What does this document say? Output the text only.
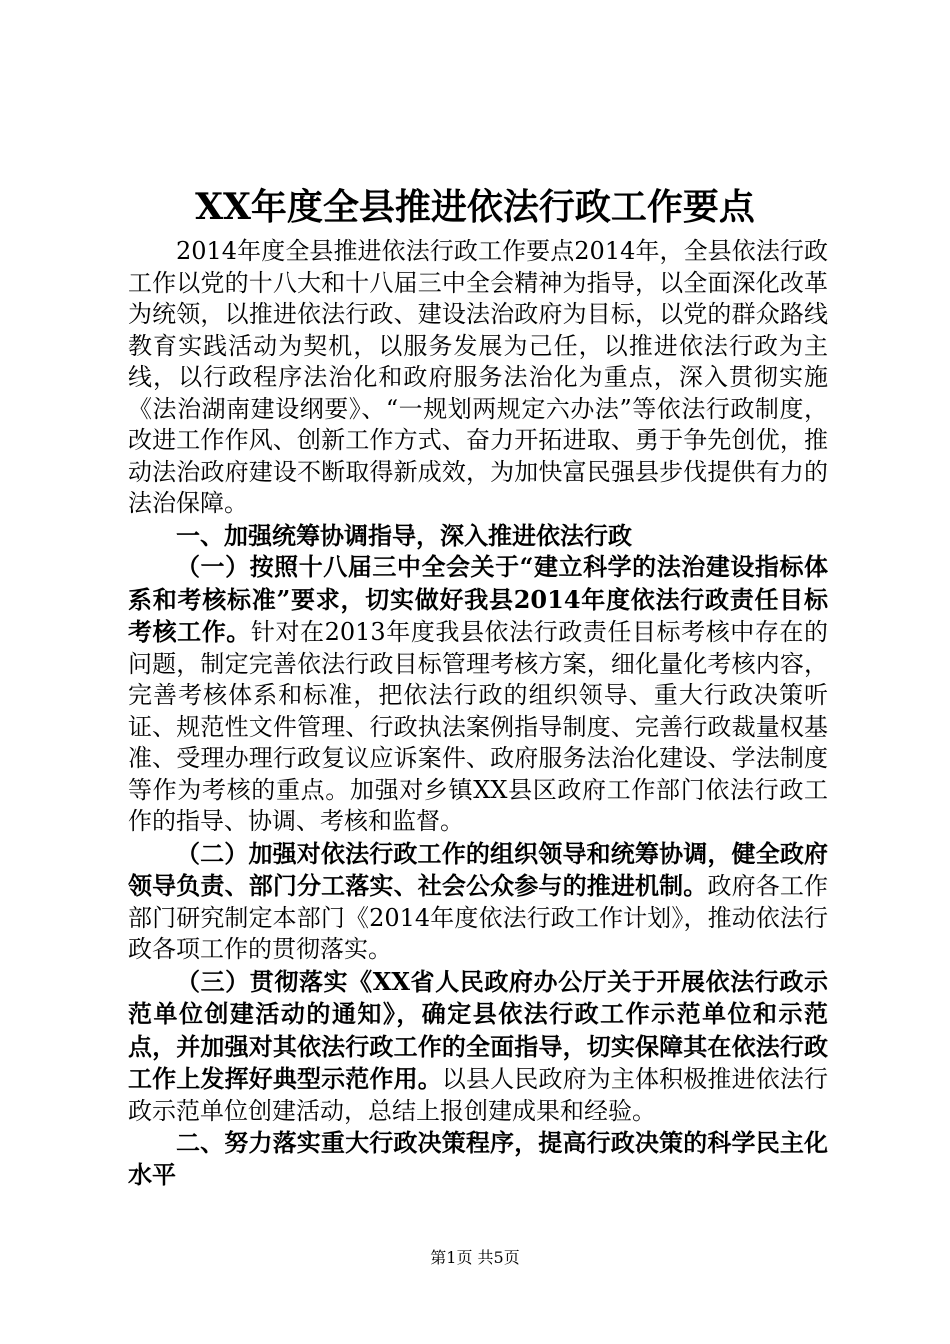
XX年度全县推进依法行政工作要点

2014年度全县推进依法行政工作要点2014年，全县依法行政工作以党的十八大和十八届三中全会精神为指导，以全面深化改革为统领，以推进依法行政、建设法治政府为目标，以党的群众路线教育实践活动为契机，以服务发展为己任，以推进依法行政为主线，以行政程序法治化和政府服务法治化为重点，深入贯彻实施《法治湖南建设纲要》、“一规划两规定六办法”等依法行政制度，改进工作作风、创新工作方式、奋力开拓进取、勇于争先创优，推动法治政府建设不断取得新成效，为加快富民强县步伐提供有力的法治保障。

一、加强统筹协调指导，深入推进依法行政

（一）按照十八届三中全会关于“建立科学的法治建设指标体系和考核标准”要求，切实做好我县2014年度依法行政责任目标考核工作。针对在2013年度我县依法行政责任目标考核中存在的问题，制定完善依法行政目标管理考核方案，细化量化考核内容，完善考核体系和标准，把依法行政的组织领导、重大行政决策听证、规范性文件管理、行政执法案例指导制度、完善行政裁量权基准、受理办理行政复议应诉案件、政府服务法治化建设、学法制度等作为考核的重点。加强对乡镇XX县区政府工作部门依法行政工作的指导、协调、考核和监督。

（二）加强对依法行政工作的组织领导和统筹协调，健全政府领导负责、部门分工落实、社会公众参与的推进机制。政府各工作部门研究制定本部门《2014年度依法行政工作计划》，推动依法行政各项工作的贯彻落实。

（三）贯彻落实《XX省人民政府办公厅关于开展依法行政示范单位创建活动的通知》，确定县依法行政工作示范单位和示范点，并加强对其依法行政工作的全面指导，切实保障其在依法行政工作上发挥好典型示范作用。以县人民政府为主体积极推进依法行政示范单位创建活动，总结上报创建成果和经验。

二、努力落实重大行政决策程序，提高行政决策的科学民主化水平

第1页 共5页
